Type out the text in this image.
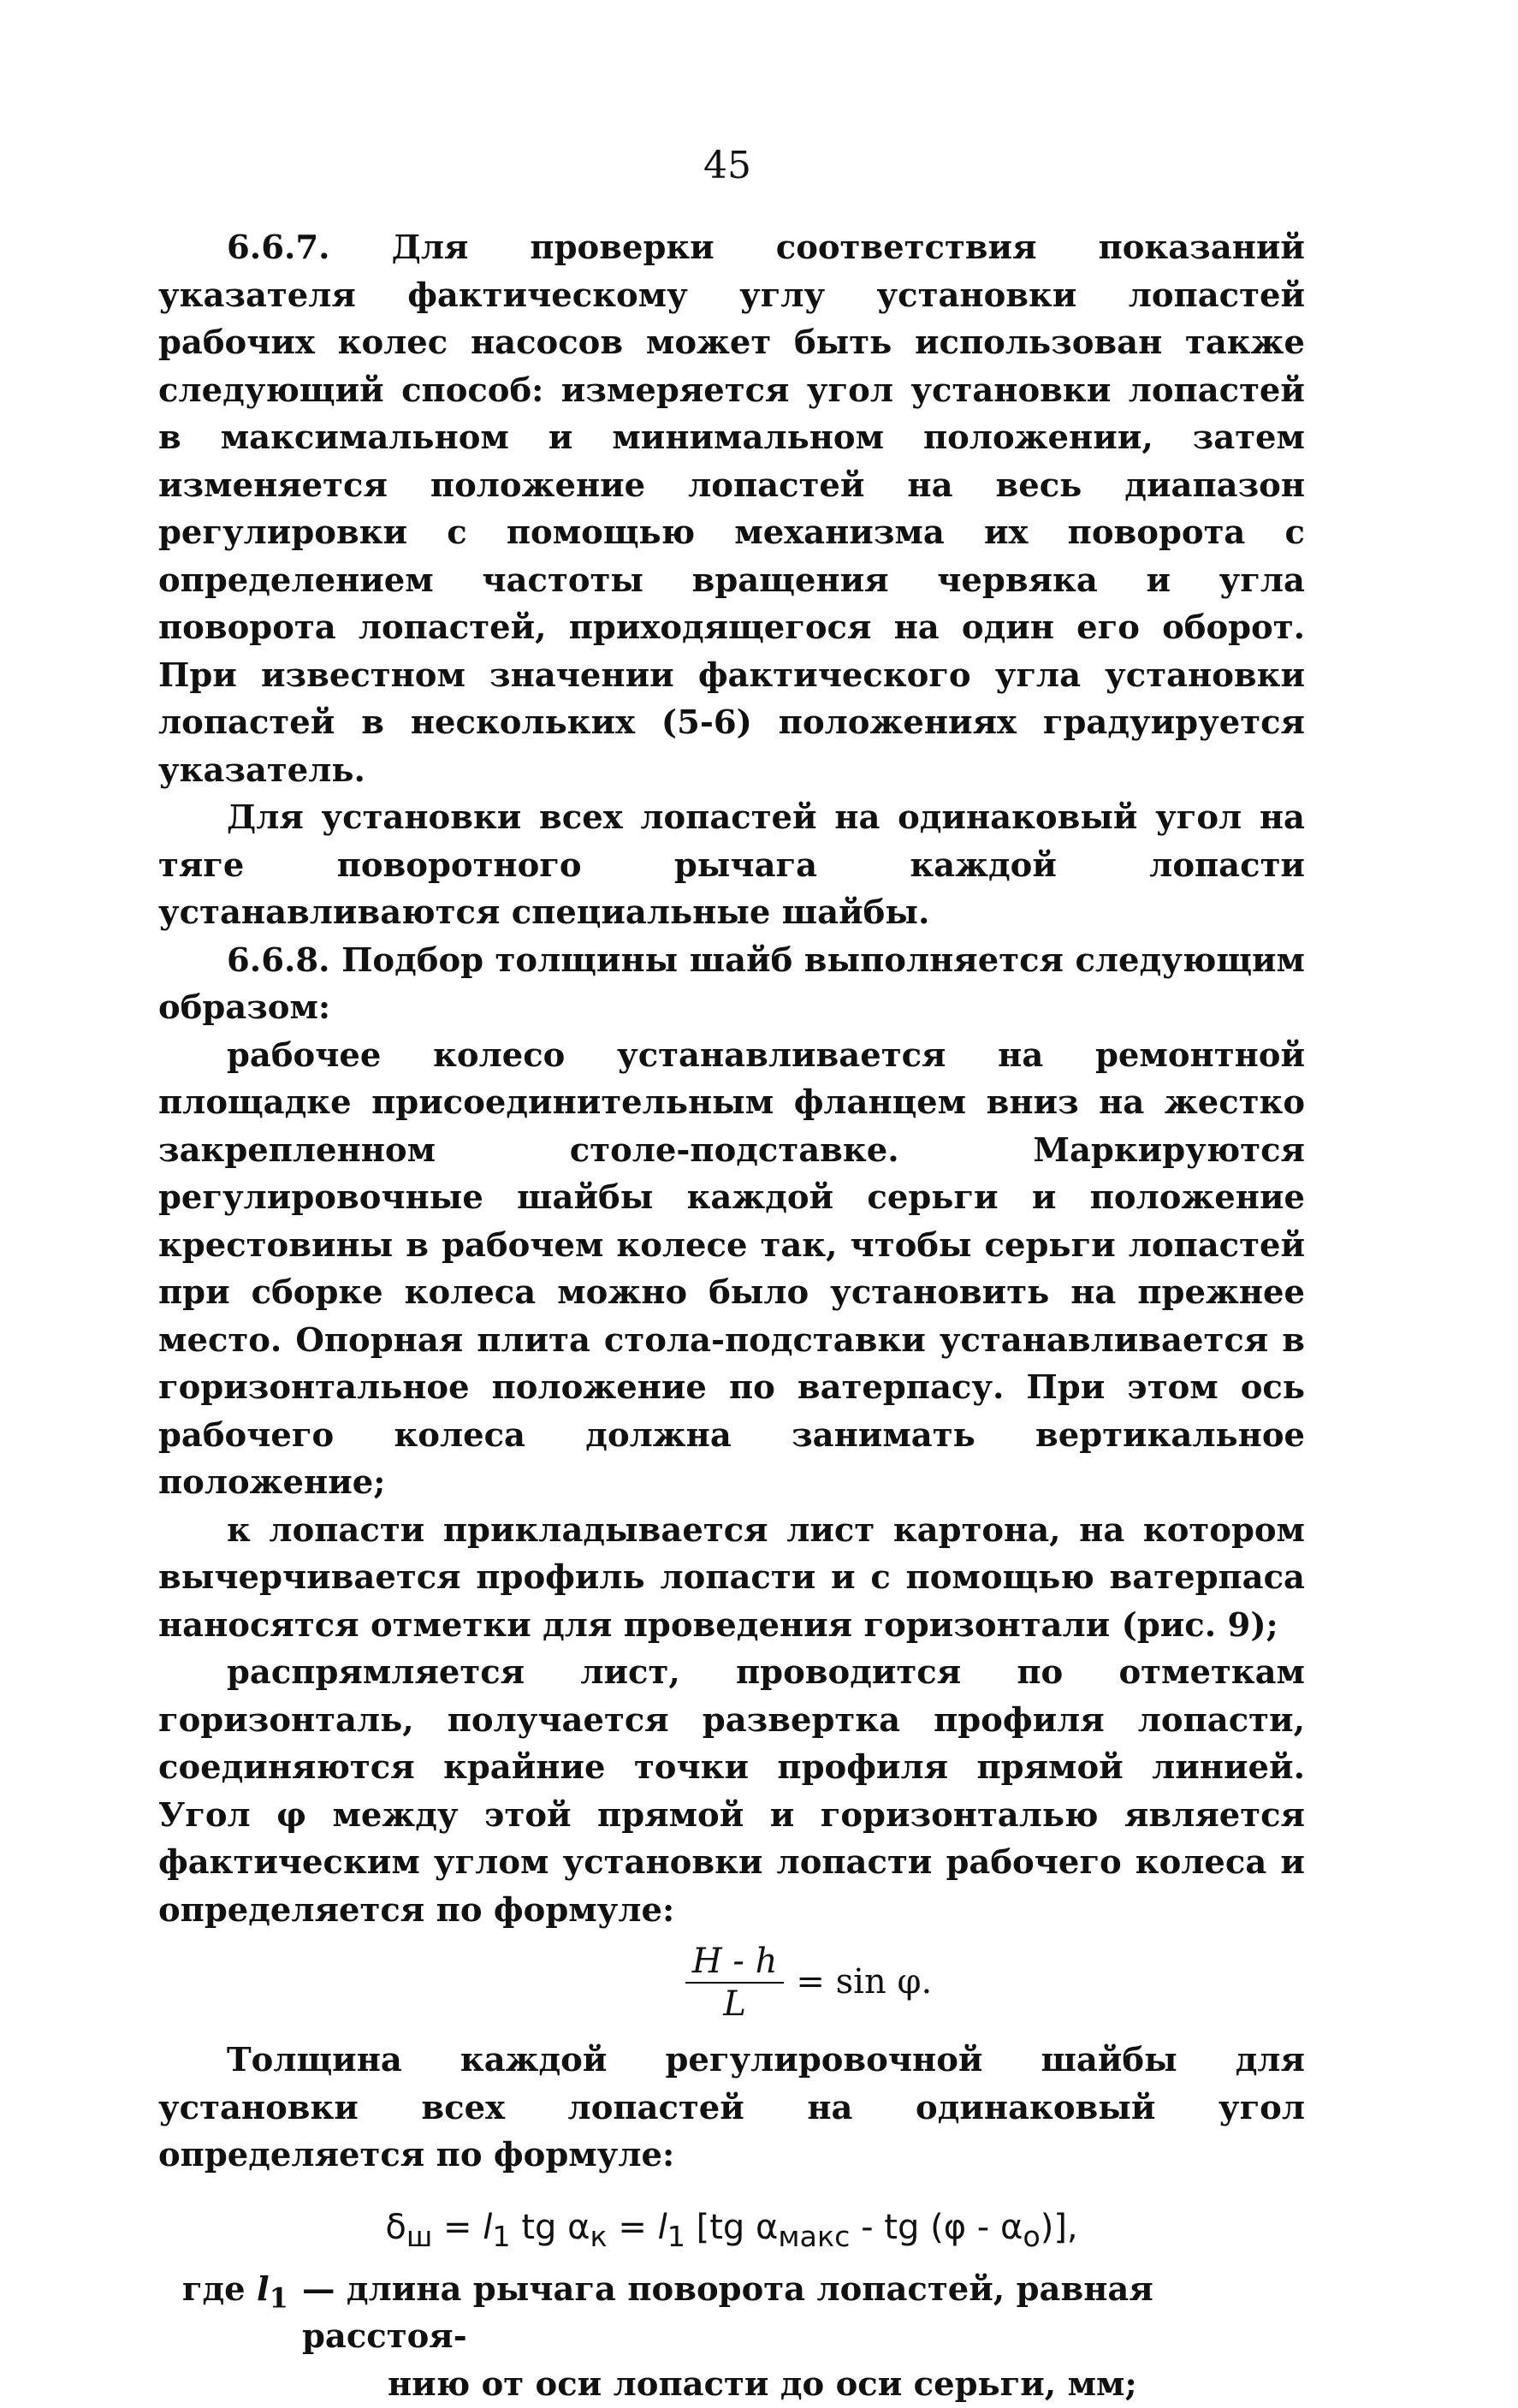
45

6.6.7. Для проверки соответствия показаний указателя фактическому углу установки лопастей рабочих колес насосов может быть использован также следующий способ: измеряется угол установки лопастей в максимальном и минимальном положении, затем изменяется положение лопастей на весь диапазон регулировки с помощью механизма их поворота с определением частоты вращения червяка и угла поворота лопастей, приходящегося на один его оборот. При известном значении фактического угла установки лопастей в нескольких (5-6) положениях градуируется указатель.

Для установки всех лопастей на одинаковый угол на тяге поворотного рычага каждой лопасти устанавливаются специальные шайбы.

6.6.8. Подбор толщины шайб выполняется следующим образом:

рабочее колесо устанавливается на ремонтной площадке присоединительным фланцем вниз на жестко закрепленном столе-подставке. Маркируются регулировочные шайбы каждой серьги и положение крестовины в рабочем колесе так, чтобы серьги лопастей при сборке колеса можно было установить на прежнее место. Опорная плита стола-подставки устанавливается в горизонтальное положение по ватерпасу. При этом ось рабочего колеса должна занимать вертикальное положение;

к лопасти прикладывается лист картона, на котором вычерчивается профиль лопасти и с помощью ватерпаса наносятся отметки для проведения горизонтали (рис. 9);

распрямляется лист, проводится по отметкам горизонталь, получается развертка профиля лопасти, соединяются крайние точки профиля прямой линией. Угол φ между этой прямой и горизонталью является фактическим углом установки лопасти рабочего колеса и определяется по формуле:

$\frac{H - h}{L} = \sin \varphi$.

Толщина каждой регулировочной шайбы для установки всех лопастей на одинаковый угол определяется по формуле:

$\delta_ш = l_1$ tg $\alpha_к = l_1$ [tg $\alpha_{макс}$ - tg $(\varphi - \alpha_о)$],
где $l_1$ — длина рычага поворота лопастей, равная расстоя-
нию от оси лопасти до оси серьги, мм;
